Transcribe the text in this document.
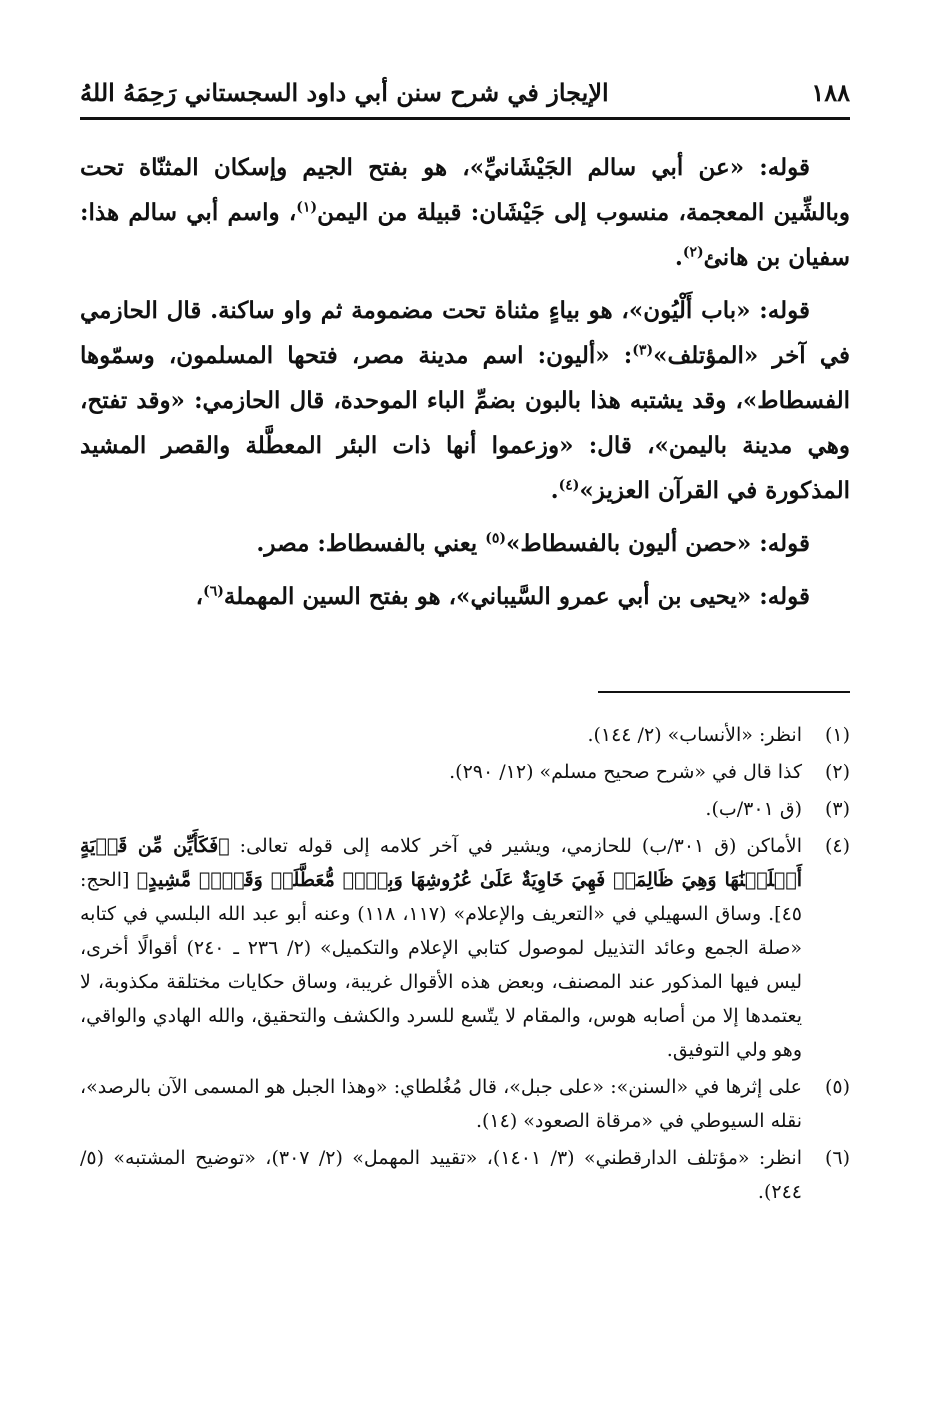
١٨٨
الإيجاز في شرح سنن أبي داود السجستاني رَحِمَهُ اللهُ

قوله: «عن أبي سالم الجَيْشَانيِّ»، هو بفتح الجيم وإسكان المثنّاة تحت وبالشِّين المعجمة، منسوب إلى جَيْشَان: قبيلة من اليمن$^{(١)}$، واسم أبي سالم هذا: سفيان بن هانئ$^{(٢)}$.

قوله: «باب أَلْيُون»، هو بياءٍ مثناة تحت مضمومة ثم واو ساكنة. قال الحازمي في آخر «المؤتلف»$^{(٣)}$: «أليون: اسم مدينة مصر، فتحها المسلمون، وسمّوها الفسطاط»، وقد يشتبه هذا بالبون بضمِّ الباء الموحدة، قال الحازمي: «وقد تفتح، وهي مدينة باليمن»، قال: «وزعموا أنها ذات البئر المعطَّلة والقصر المشيد المذكورة في القرآن العزيز»$^{(٤)}$.

قوله: «حصن أليون بالفسطاط»$^{(٥)}$ يعني بالفسطاط: مصر.

قوله: «يحيى بن أبي عمرو السَّيباني»، هو بفتح السين المهملة$^{(٦)}$،

(١)
انظر: «الأنساب» (٢/ ١٤٤).
(٢)
كذا قال في «شرح صحيح مسلم» (١٢/ ٢٩٠).
(٣)
(ق ٣٠١/ب).
(٤)
الأماكن (ق ٣٠١/ب) للحازمي، ويشير في آخر كلامه إلى قوله تعالى: ﴿فَكَأَيِّن مِّن قَرۡيَةٍ أَهۡلَكۡنَٰهَا وَهِيَ ظَالِمَةٞ فَهِيَ خَاوِيَةٌ عَلَىٰ عُرُوشِهَا وَبِئۡرٖ مُّعَطَّلَةٖ وَقَصۡرٖ مَّشِيدٍ﴾ [الحج: ٤٥]. وساق السهيلي في «التعريف والإعلام» (١١٧، ١١٨) وعنه أبو عبد الله البلسي في كتابه «صلة الجمع وعائد التذييل لموصول كتابي الإعلام والتكميل» (٢/ ٢٣٦ ـ ٢٤٠) أقوالًا أخرى، ليس فيها المذكور عند المصنف، وبعض هذه الأقوال غريبة، وساق حكايات مختلقة مكذوبة، لا يعتمدها إلا من أصابه هوس، والمقام لا يتّسع للسرد والكشف والتحقيق، والله الهادي والواقي، وهو ولي التوفيق.
(٥)
على إثرها في «السنن»: «على جبل»، قال مُغُلطاي: «وهذا الجبل هو المسمى الآن بالرصد»، نقله السيوطي في «مرقاة الصعود» (١٤).
(٦)
انظر: «مؤتلف الدارقطني» (٣/ ١٤٠١)، «تقييد المهمل» (٢/ ٣٠٧)، «توضيح المشتبه» (٥/ ٢٤٤).
